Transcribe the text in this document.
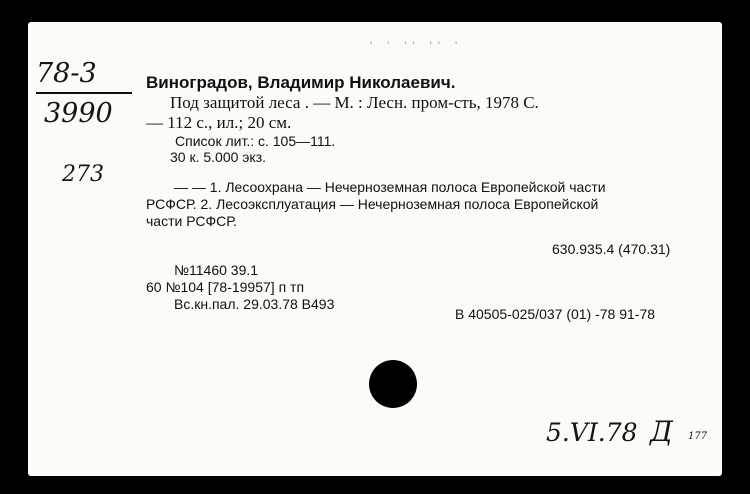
' ' '' '' '
78-3
3990
273
Виноградов, Владимир Николаевич.
Под защитой леса . — М. : Лесн. пром-сть, 1978 С.
— 112 с., ил.; 20 см.
Список лит.: с. 105—111.
30 к. 5.000 экз.
— — 1. Лесоохрана — Нечерноземная полоса Европейской части
РСФСР. 2. Лесоэксплуатация — Нечерноземная полоса Европейской
части РСФСР.
630.935.4 (470.31)
№11460 39.1
60 №104 [78-19957] п тп
Вс.кн.пал. 29.03.78 В493
В 40505-025/037 (01) -78 91-78
5.VI.78 Д 177
